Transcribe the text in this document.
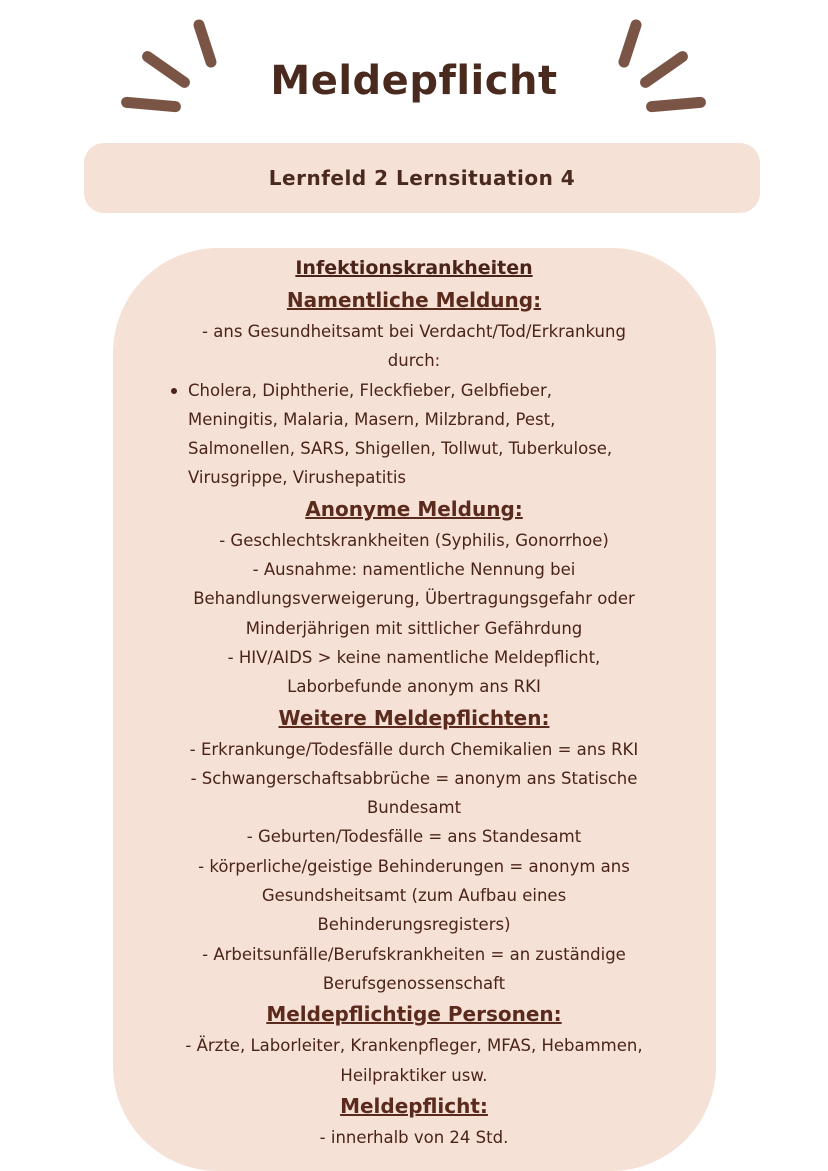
Meldepflicht
Lernfeld 2 Lernsituation 4
Infektionskrankheiten
Namentliche Meldung:
- ans Gesundheitsamt bei Verdacht/Tod/Erkrankung
durch:
Cholera, Diphtherie, Fleckfieber, Gelbfieber,
Meningitis, Malaria, Masern, Milzbrand, Pest,
Salmonellen, SARS, Shigellen, Tollwut, Tuberkulose,
Virusgrippe, Virushepatitis
Anonyme Meldung:
- Geschlechtskrankheiten (Syphilis, Gonorrhoe)
- Ausnahme: namentliche Nennung bei
Behandlungsverweigerung, Übertragungsgefahr oder
Minderjährigen mit sittlicher Gefährdung
- HIV/AIDS > keine namentliche Meldepflicht,
Laborbefunde anonym ans RKI
Weitere Meldepflichten:
- Erkrankunge/Todesfälle durch Chemikalien = ans RKI
- Schwangerschaftsabbrüche = anonym ans Statische
Bundesamt
- Geburten/Todesfälle = ans Standesamt
- körperliche/geistige Behinderungen = anonym ans
Gesundsheitsamt (zum Aufbau eines
Behinderungsregisters)
- Arbeitsunfälle/Berufskrankheiten = an zuständige
Berufsgenossenschaft
Meldepflichtige Personen:
- Ärzte, Laborleiter, Krankenpfleger, MFAS, Hebammen,
Heilpraktiker usw.
Meldepflicht:
- innerhalb von 24 Std.
